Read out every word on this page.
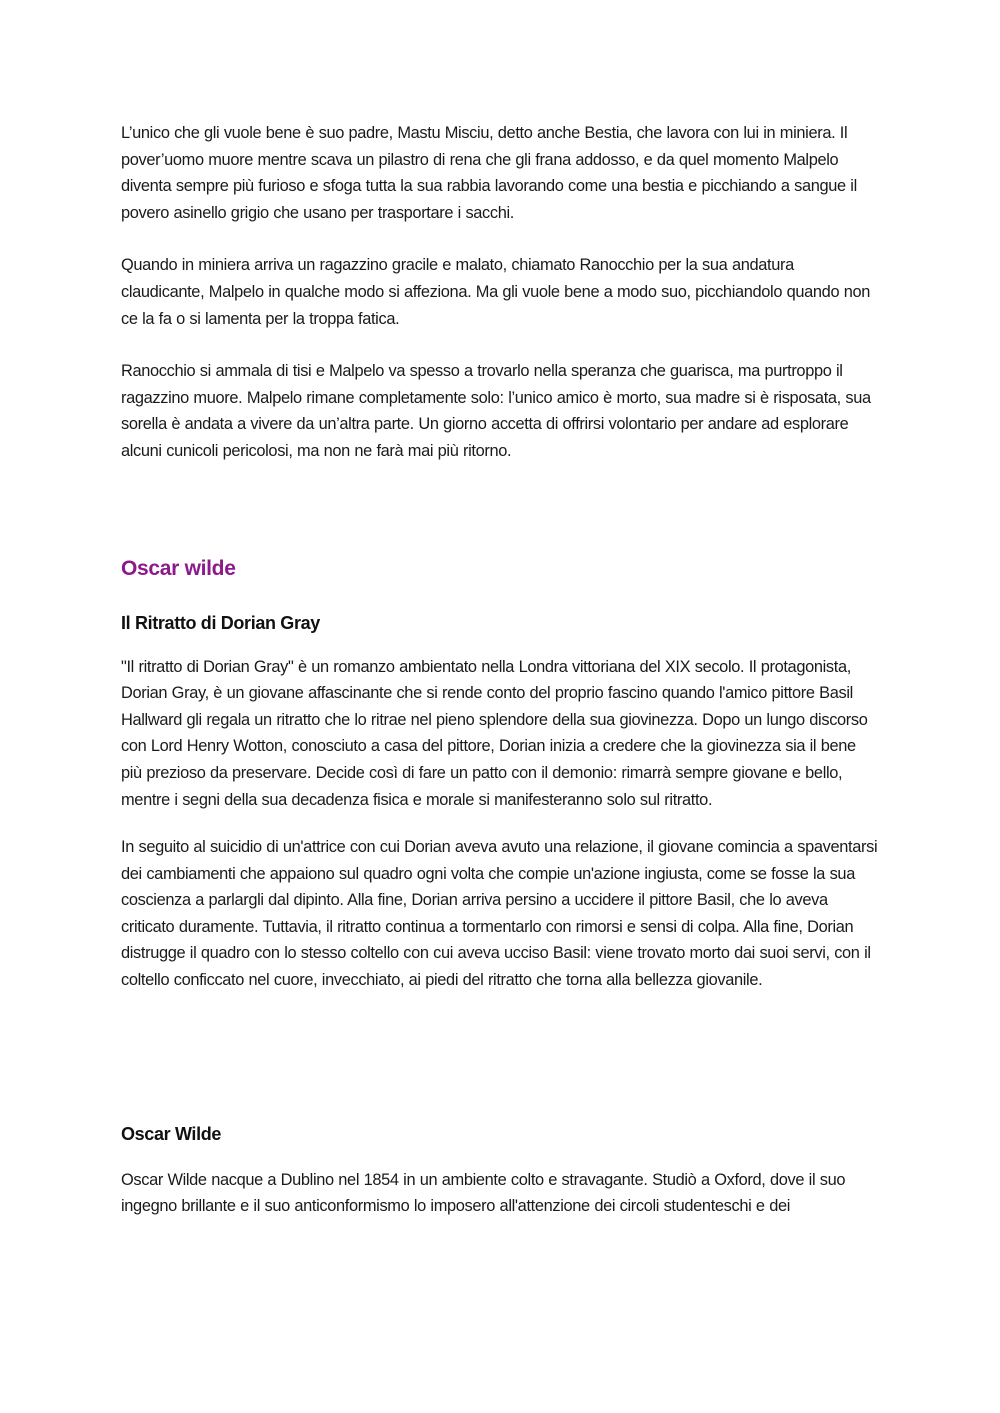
L’unico che gli vuole bene è suo padre, Mastu Misciu, detto anche Bestia, che lavora con lui in miniera. Il pover’uomo muore mentre scava un pilastro di rena che gli frana addosso, e da quel momento Malpelo diventa sempre più furioso e sfoga tutta la sua rabbia lavorando come una bestia e picchiando a sangue il povero asinello grigio che usano per trasportare i sacchi.

Quando in miniera arriva un ragazzino gracile e malato, chiamato Ranocchio per la sua andatura claudicante, Malpelo in qualche modo si affeziona. Ma gli vuole bene a modo suo, picchiandolo quando non ce la fa o si lamenta per la troppa fatica.

Ranocchio si ammala di tisi e Malpelo va spesso a trovarlo nella speranza che guarisca, ma purtroppo il ragazzino muore. Malpelo rimane completamente solo: l’unico amico è morto, sua madre si è risposata, sua sorella è andata a vivere da un’altra parte. Un giorno accetta di offrirsi volontario per andare ad esplorare alcuni cunicoli pericolosi, ma non ne farà mai più ritorno.

Oscar wilde
Il Ritratto di Dorian Gray

"Il ritratto di Dorian Gray" è un romanzo ambientato nella Londra vittoriana del XIX secolo. Il protagonista, Dorian Gray, è un giovane affascinante che si rende conto del proprio fascino quando l'amico pittore Basil Hallward gli regala un ritratto che lo ritrae nel pieno splendore della sua giovinezza. Dopo un lungo discorso con Lord Henry Wotton, conosciuto a casa del pittore, Dorian inizia a credere che la giovinezza sia il bene più prezioso da preservare. Decide così di fare un patto con il demonio: rimarrà sempre giovane e bello, mentre i segni della sua decadenza fisica e morale si manifesteranno solo sul ritratto.

In seguito al suicidio di un'attrice con cui Dorian aveva avuto una relazione, il giovane comincia a spaventarsi dei cambiamenti che appaiono sul quadro ogni volta che compie un'azione ingiusta, come se fosse la sua coscienza a parlargli dal dipinto. Alla fine, Dorian arriva persino a uccidere il pittore Basil, che lo aveva criticato duramente. Tuttavia, il ritratto continua a tormentarlo con rimorsi e sensi di colpa. Alla fine, Dorian distrugge il quadro con lo stesso coltello con cui aveva ucciso Basil: viene trovato morto dai suoi servi, con il coltello conficcato nel cuore, invecchiato, ai piedi del ritratto che torna alla bellezza giovanile.

Oscar Wilde

Oscar Wilde nacque a Dublino nel 1854 in un ambiente colto e stravagante. Studiò a Oxford, dove il suo ingegno brillante e il suo anticonformismo lo imposero all'attenzione dei circoli studenteschi e dei
